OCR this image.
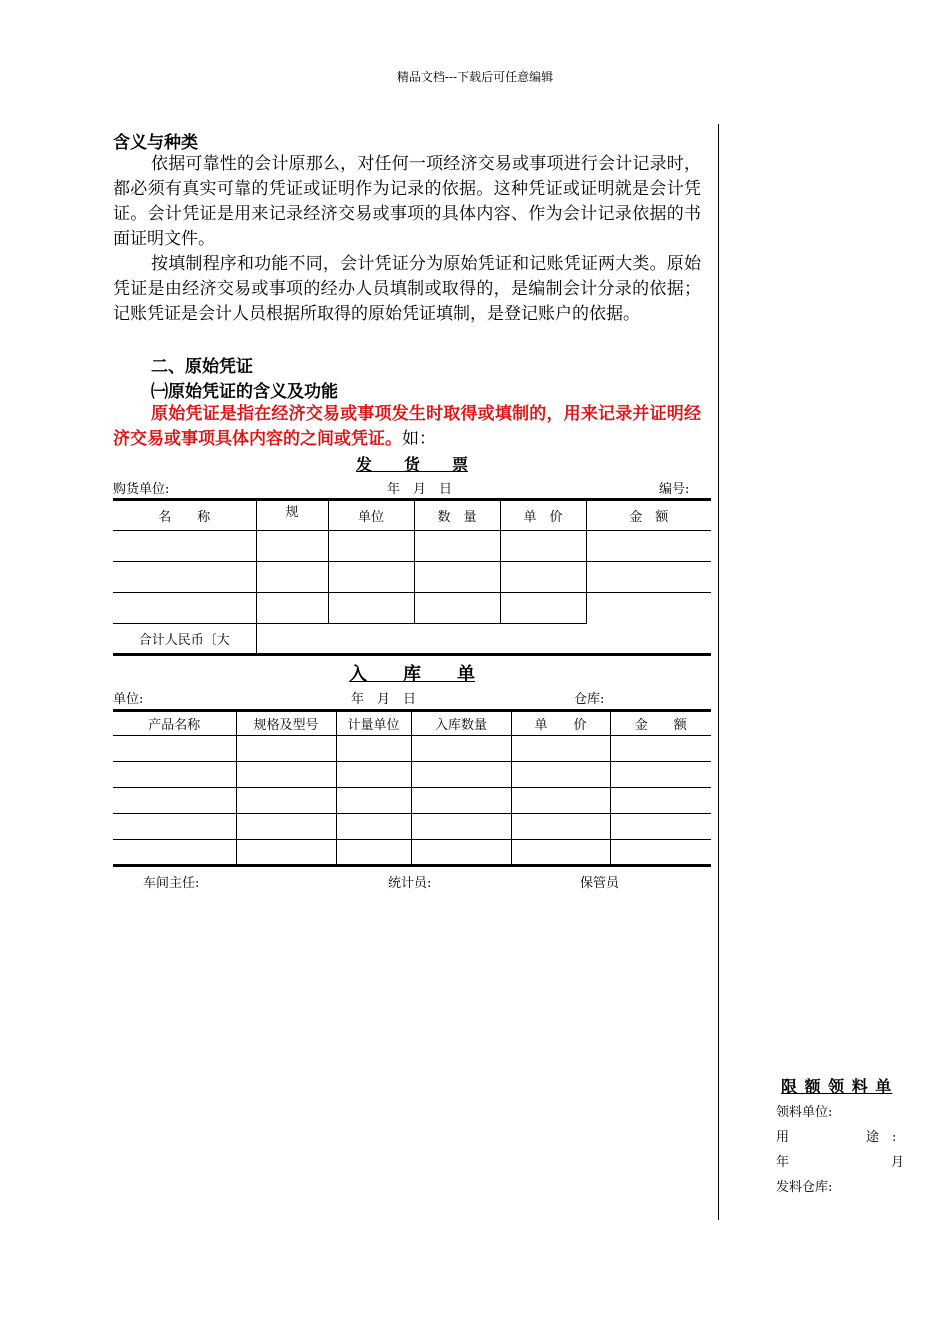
精品文档---下载后可任意编辑
含义与种类
依据可靠性的会计原那么，对任何一项经济交易或事项进行会计记录时，都必须有真实可靠的凭证或证明作为记录的依据。这种凭证或证明就是会计凭证。会计凭证是用来记录经济交易或事项的具体内容、作为会计记录依据的书面证明文件。
按填制程序和功能不同，会计凭证分为原始凭证和记账凭证两大类。原始凭证是由经济交易或事项的经办人员填制或取得的，是编制会计分录的依据；记账凭证是会计人员根据所取得的原始凭证填制，是登记账户的依据。
二、原始凭证
㈠原始凭证的含义及功能
原始凭证是指在经济交易或事项发生时取得或填制的，用来记录并证明经济交易或事项具体内容的之间或凭证。如：
发　　货　　票
购货单位:	年　月　日	编号:
名　　称	规	单位	数　量	单　价	金　额

合计人民币〔大					
入　　库　　单
单位:	年　月　日	仓库:
产品名称	规格及型号	计量单位	入库数量	单　　价	金　　额

车间主任:	统计员:	保管员
限 额 领 料 单
领料单位:
用	途　:
年	月
发料仓库:
